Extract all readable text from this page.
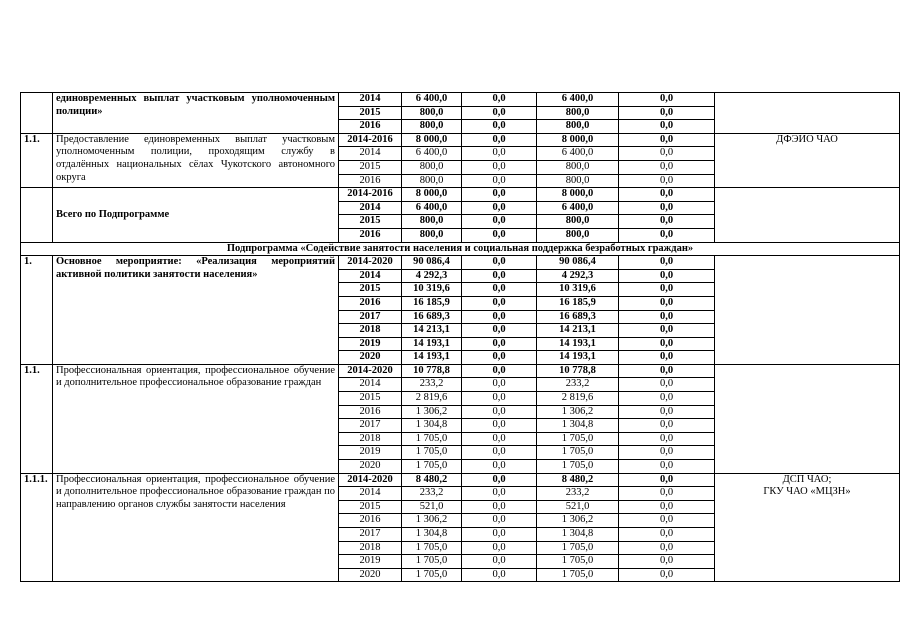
	единовременных выплат участковым уполномоченным полиции»	2014	6 400,0	0,0	6 400,0	0,0	
		2015	800,0	0,0	800,0	0,0	
		2016	800,0	0,0	800,0	0,0	
1.1.	Предоставление единовременных выплат участковым уполномоченным полиции, проходящим службу в отдалённых национальных сёлах Чукотского автономного округа	2014-2016	8 000,0	0,0	8 000,0	0,0	ДФЭИО ЧАО
		2014	6 400,0	0,0	6 400,0	0,0	
		2015	800,0	0,0	800,0	0,0	
		2016	800,0	0,0	800,0	0,0	
	Всего по Подпрограмме	2014-2016	8 000,0	0,0	8 000,0	0,0	
		2014	6 400,0	0,0	6 400,0	0,0	
		2015	800,0	0,0	800,0	0,0	
		2016	800,0	0,0	800,0	0,0	
Подпрограмма «Содействие занятости населения и социальная поддержка безработных граждан»							
1.	Основное мероприятие: «Реализация мероприятий активной политики занятости населения»	2014-2020	90 086,4	0,0	90 086,4	0,0	
		2014	4 292,3	0,0	4 292,3	0,0	
		2015	10 319,6	0,0	10 319,6	0,0	
		2016	16 185,9	0,0	16 185,9	0,0	
		2017	16 689,3	0,0	16 689,3	0,0	
		2018	14 213,1	0,0	14 213,1	0,0	
		2019	14 193,1	0,0	14 193,1	0,0	
		2020	14 193,1	0,0	14 193,1	0,0	
1.1.	Профессиональная ориентация, профессиональное обучение и дополнительное профессиональное образование граждан	2014-2020	10 778,8	0,0	10 778,8	0,0	
		2014	233,2	0,0	233,2	0,0	
		2015	2 819,6	0,0	2 819,6	0,0	
		2016	1 306,2	0,0	1 306,2	0,0	
		2017	1 304,8	0,0	1 304,8	0,0	
		2018	1 705,0	0,0	1 705,0	0,0	
		2019	1 705,0	0,0	1 705,0	0,0	
		2020	1 705,0	0,0	1 705,0	0,0	
1.1.1.	Профессиональная ориентация, профессиональное обучение и дополнительное профессиональное образование граждан по направлению органов службы занятости населения	2014-2020	8 480,2	0,0	8 480,2	0,0	ДСП ЧАО;
ГКУ ЧАО «МЦЗН»
		2014	233,2	0,0	233,2	0,0	
		2015	521,0	0,0	521,0	0,0	
		2016	1 306,2	0,0	1 306,2	0,0	
		2017	1 304,8	0,0	1 304,8	0,0	
		2018	1 705,0	0,0	1 705,0	0,0	
		2019	1 705,0	0,0	1 705,0	0,0	
		2020	1 705,0	0,0	1 705,0	0,0	
